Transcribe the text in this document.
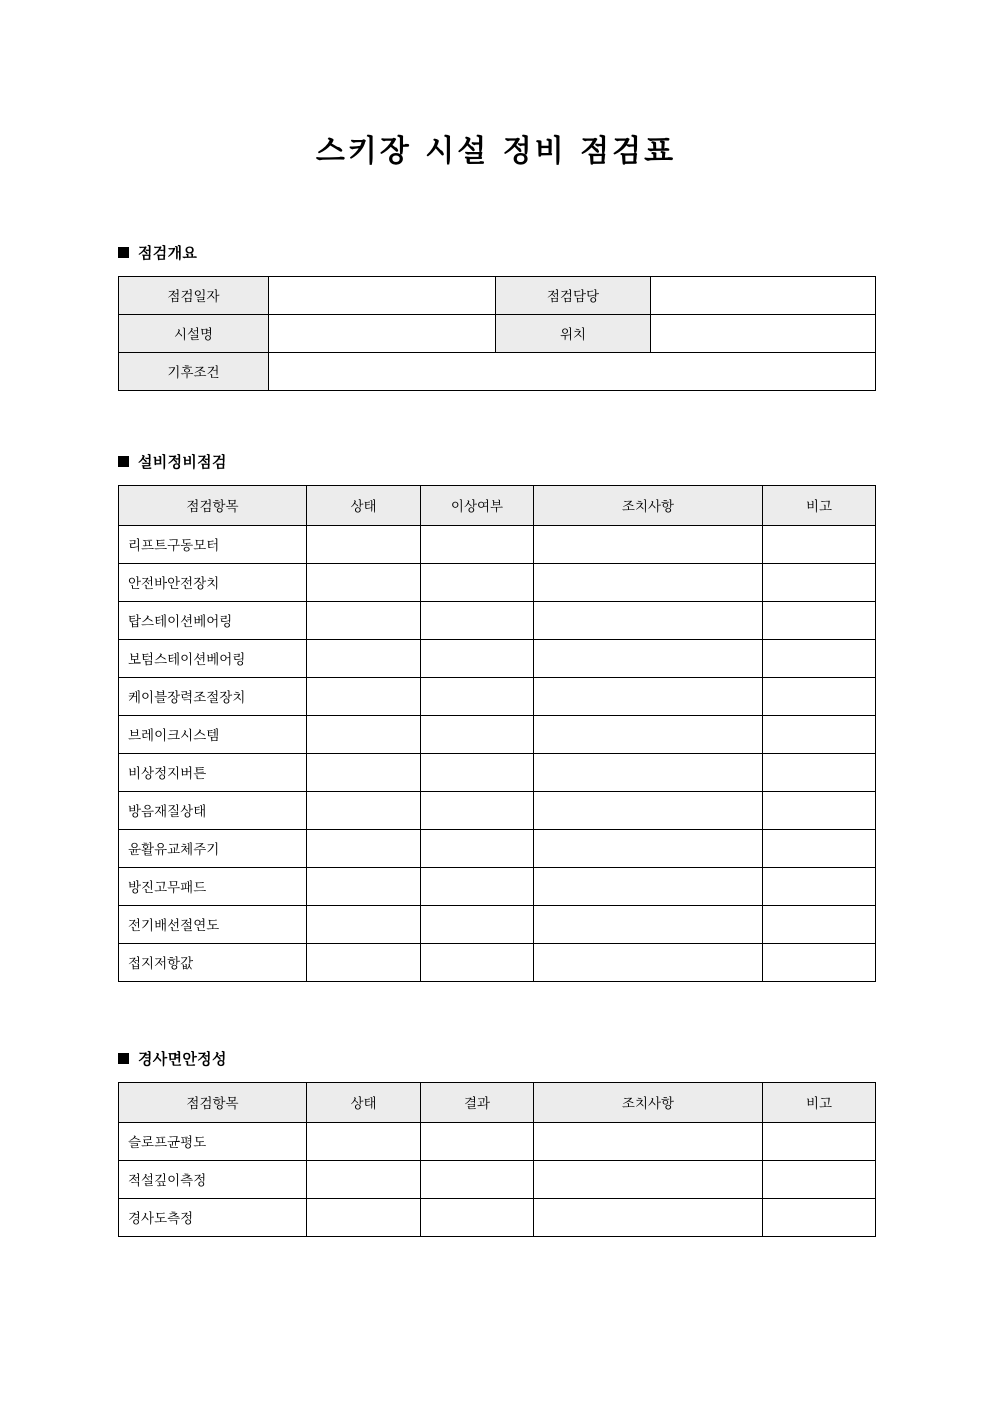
스키장 시설 정비 점검표
점검개요
점검일자		점검담당	
시설명		위치	
기후조건			
설비정비점검
점검항목	상태	이상여부	조치사항	비고
리프트구동모터				
안전바안전장치				
탑스테이션베어링				
보텀스테이션베어링				
케이블장력조절장치				
브레이크시스템				
비상정지버튼				
방음재질상태				
윤활유교체주기				
방진고무패드				
전기배선절연도				
접지저항값				
경사면안정성
점검항목	상태	결과	조치사항	비고
슬로프균평도				
적설깊이측정				
경사도측정				
